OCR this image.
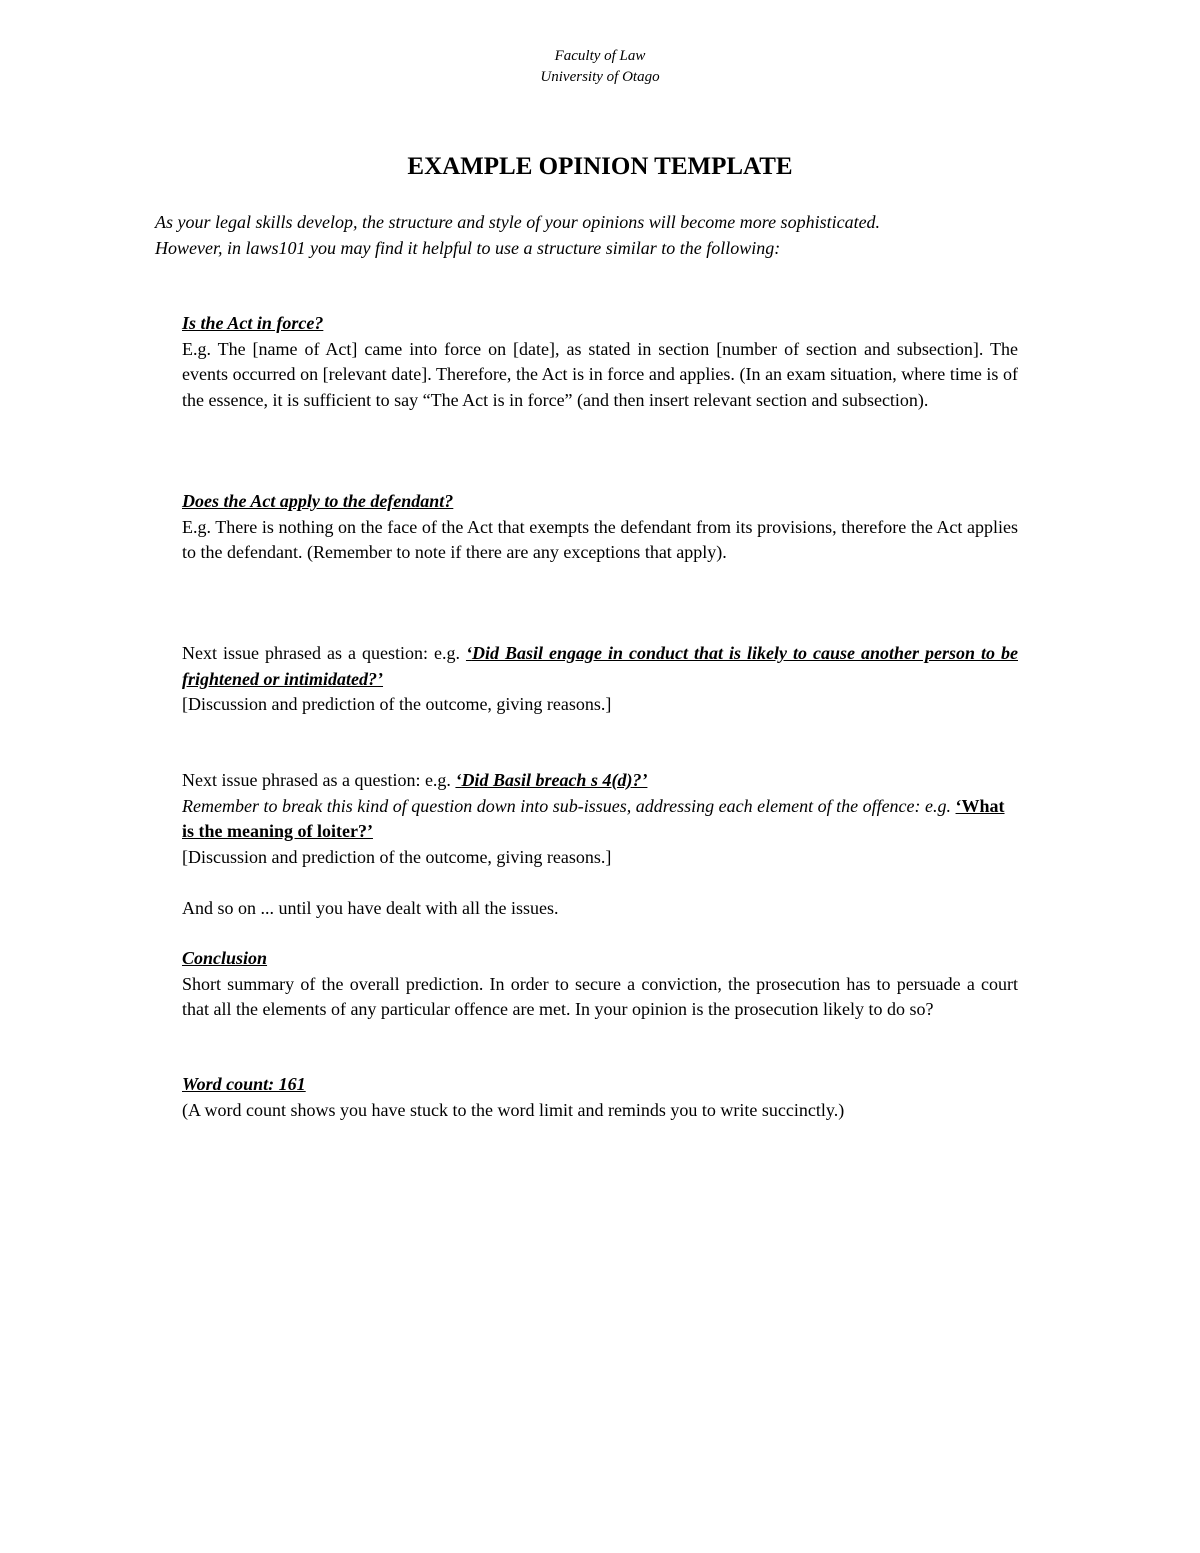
Faculty of Law
University of Otago
EXAMPLE OPINION TEMPLATE
As your legal skills develop, the structure and style of your opinions will become more sophisticated.
However, in laws101 you may find it helpful to use a structure similar to the following:
Is the Act in force?

E.g. The [name of Act] came into force on [date], as stated in section [number of section and subsection]. The events occurred on [relevant date]. Therefore, the Act is in force and applies. (In an exam situation, where time is of the essence, it is sufficient to say “The Act is in force” (and then insert relevant section and subsection).

Does the Act apply to the defendant?

E.g. There is nothing on the face of the Act that exempts the defendant from its provisions, therefore the Act applies to the defendant. (Remember to note if there are any exceptions that apply).

Next issue phrased as a question: e.g. ‘Did Basil engage in conduct that is likely to cause another person to be frightened or intimidated?’

[Discussion and prediction of the outcome, giving reasons.]

Next issue phrased as a question: e.g. ‘Did Basil breach s 4(d)?’

Remember to break this kind of question down into sub-issues, addressing each element of the offence: e.g. ‘What is the meaning of loiter?’

[Discussion and prediction of the outcome, giving reasons.]

And so on ... until you have dealt with all the issues.
Conclusion

Short summary of the overall prediction. In order to secure a conviction, the prosecution has to persuade a court that all the elements of any particular offence are met. In your opinion is the prosecution likely to do so?

Word count: 161

(A word count shows you have stuck to the word limit and reminds you to write succinctly.)
